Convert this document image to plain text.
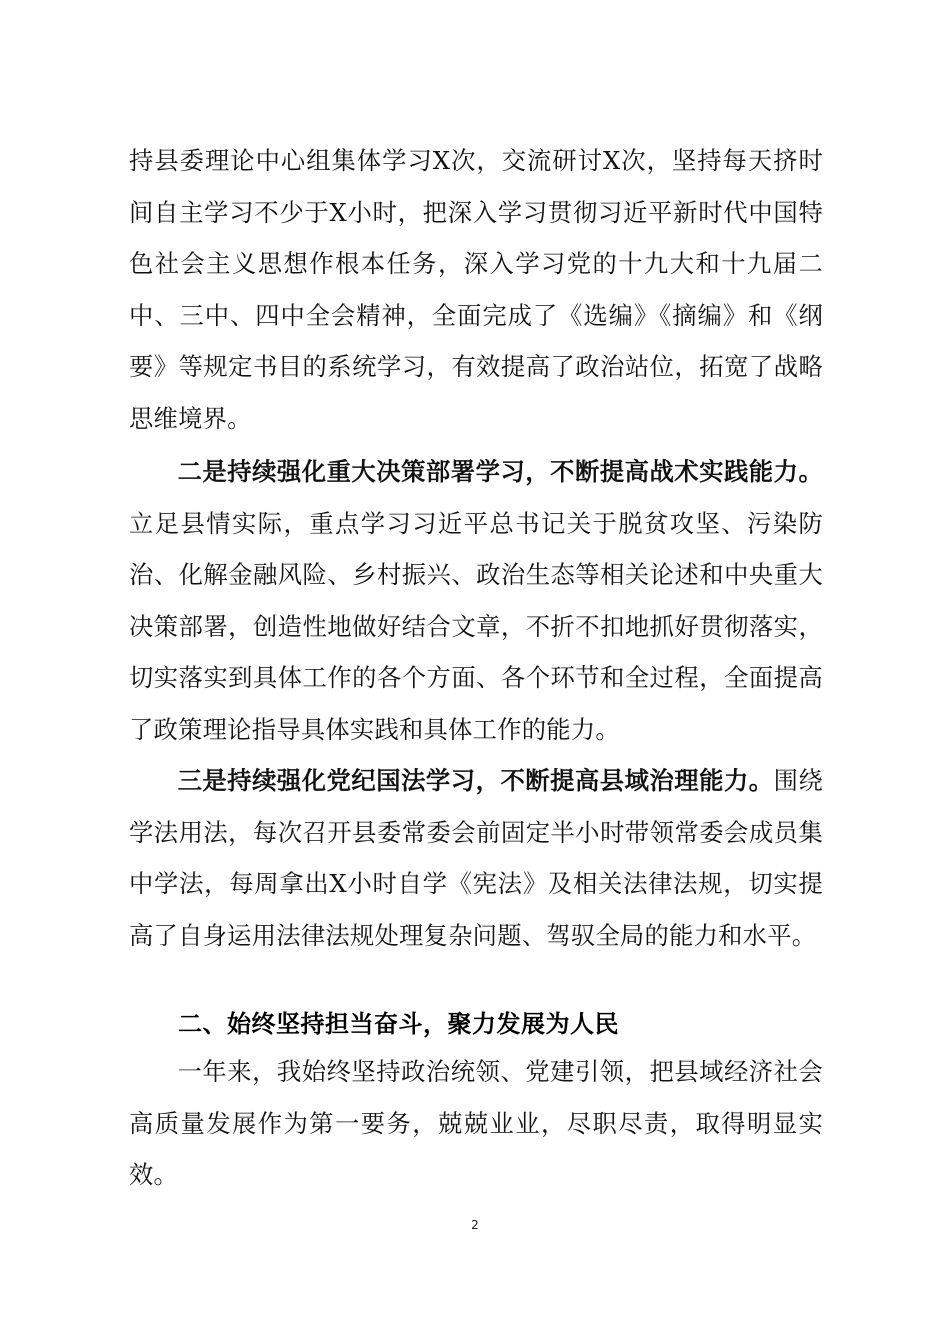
持县委理论中心组集体学习X次，交流研讨X次，坚持每天挤时间自主学习不少于X小时，把深入学习贯彻习近平新时代中国特色社会主义思想作根本任务，深入学习党的十九大和十九届二中、三中、四中全会精神，全面完成了《选编》《摘编》和《纲要》等规定书目的系统学习，有效提高了政治站位，拓宽了战略思维境界。

二是持续强化重大决策部署学习，不断提高战术实践能力。立足县情实际，重点学习习近平总书记关于脱贫攻坚、污染防治、化解金融风险、乡村振兴、政治生态等相关论述和中央重大决策部署，创造性地做好结合文章，不折不扣地抓好贯彻落实，切实落实到具体工作的各个方面、各个环节和全过程，全面提高了政策理论指导具体实践和具体工作的能力。

三是持续强化党纪国法学习，不断提高县域治理能力。围绕学法用法，每次召开县委常委会前固定半小时带领常委会成员集中学法，每周拿出X小时自学《宪法》及相关法律法规，切实提高了自身运用法律法规处理复杂问题、驾驭全局的能力和水平。

二、始终坚持担当奋斗，聚力发展为人民

一年来，我始终坚持政治统领、党建引领，把县域经济社会高质量发展作为第一要务，兢兢业业，尽职尽责，取得明显实效。

2
